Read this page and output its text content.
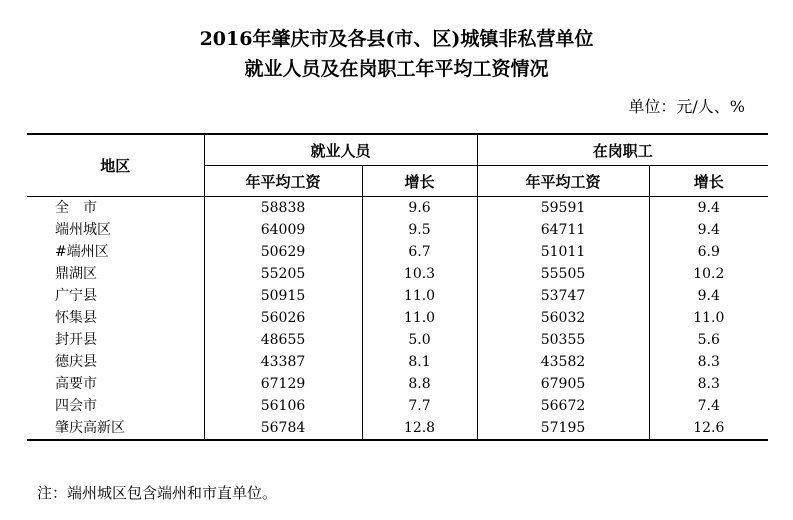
2016年肇庆市及各县(市、区)城镇非私营单位
就业人员及在岗职工年平均工资情况
单位：元/人、%
地区	就业人员		在岗职工	
	年平均工资	增长	年平均工资	增长
全　市	58838	9.6	59591	9.4
端州城区	64009	9.5	64711	9.4
#端州区	50629	6.7	51011	6.9
鼎湖区	55205	10.3	55505	10.2
广宁县	50915	11.0	53747	9.4
怀集县	56026	11.0	56032	11.0
封开县	48655	5.0	50355	5.6
德庆县	43387	8.1	43582	8.3
高要市	67129	8.8	67905	8.3
四会市	56106	7.7	56672	7.4
肇庆高新区	56784	12.8	57195	12.6
注：端州城区包含端州和市直单位。
